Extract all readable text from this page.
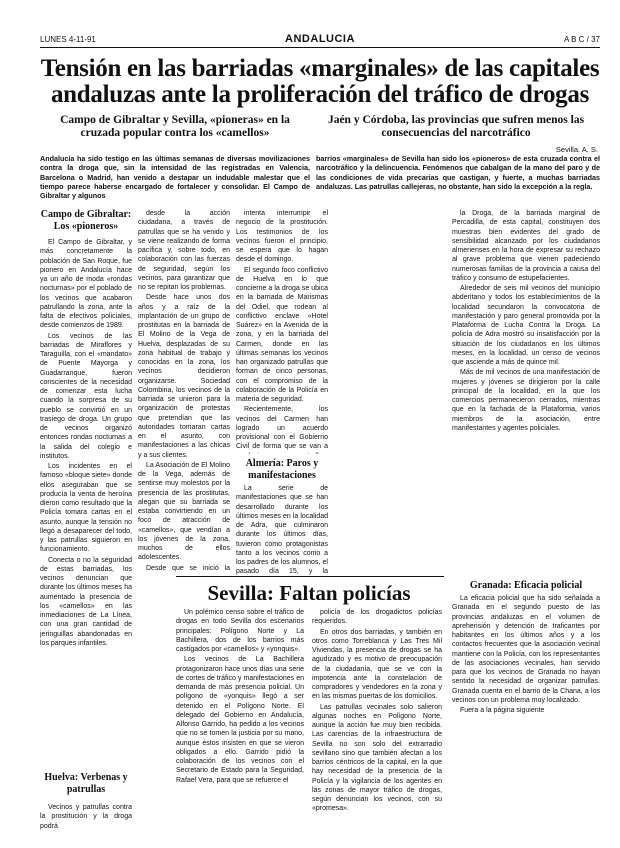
LUNES 4-11-91	ANDALUCIA	A B C / 37
Tensión en las barriadas «marginales» de las capitales andaluzas ante la proliferación del tráfico de drogas
Campo de Gibraltar y Sevilla, «pioneras» en la cruzada popular contra los «camellos»
Jaén y Córdoba, las provincias que sufren menos las consecuencias del narcotráfico
Sevilla. A. S.
Andalucía ha sido testigo en las últimas semanas de diversas movilizaciones contra la droga que, sin la intensidad de las registradas en Valencia, Barcelona o Madrid, han venido a destapar un indudable malestar que el tiempo parece haberse encargado de fortalecer y consolidar. El Campo de Gibraltar y algunos
barrios «marginales» de Sevilla han sido los «pioneros» de esta cruzada contra el narcotráfico y la delincuencia. Fenómenos que cabalgan de la mano del paro y de las condiciones de vida precarias que castigan, y fuerte, a muchas barriadas andaluzas. Las patrullas callejeras, no obstante, han sido la excepción a la regla.
Campo de Gibraltar: Los «pioneros»

El Campo de Gibraltar, y más concretamente la población de San Roque, fue pionero en Andalucía hace ya un año de moda «rondas nocturnas» por el poblado de los vecinos que acabaron patrullando la zona, ante la falta de efectivos policiales, desde comienzos de 1989.

Los vecinos de las barriadas de Miraflores y Taraguilla, con el «mandato» de Puente Mayorga y Guadarranque, fueron conscientes de la necesidad de comenzar esta lucha cuando la sorpresa de su pueblo se convirtió en un trasiego de droga. Un grupo de vecinos organizó entonces rondas nocturnas a la salida del colegio e institutos.

Los incidentes en el famoso «bloque siete» donde ellos aseguraban que se producía la venta de heroína dieron como resultado que la Policía tomara cartas en el asunto, aunque la tensión no llegó a desaparecer del todo, y las patrullas siguieron en funcionamiento.

Conecta o no la seguridad de estas barriadas, los vecinos denuncian que durante los últimos meses ha aumentado la presencia de los «camellos» en las inmediaciones de La Línea, con una gran cantidad de jeringuillas abandonadas en los parques infantiles.

Huelva: Verbenas y patrullas

Vecinos y patrullas contra la prostitución y la droga podrá

desde la acción ciudadana, a través de patrullas que se ha venido y se viene realizando de forma pacífica y, sobre todo, en colaboración con las fuerzas de seguridad, según los vecinos, para garantizar que no se repitan los problemas.

Desde hace unos dos años y a raíz de la implantación de un grupo de prostitutas en la barriada de El Molino de la Vega de Huelva, desplazadas de su zona habitual de trabajo y conocidas en la zona, los vecinos decidieron organizarse. Sociedad Colombina, los vecinos de la barriada se unieron para la organización de protestas que pretendían que las autoridades tomaran cartas en el asunto, con manifestaciones a las chicas y a sus clientes.

La Asociación de El Molino de la Vega, además de sentirse muy molestos por la presencia de las prostitutas, alegan que su barriada se estaba convirtiendo en un foco de atracción de «camellos», que vendían a los jóvenes de la zona, muchos de ellos adolescentes.

Desde que se inició la

intenta interrumpir el negocio de la prostitución. Los testimonios de los vecinos fueron el principio, se espera que lo hagan desde el domingo.

El segundo foco conflictivo de Huelva en lo que concierne a la droga se ubica en la barriada de Marismas del Odiel, que rodean al conflictivo enclave «Hotel Suárez» en la Avenida de la zona, y en la barriada del Carmen, donde en las últimas semanas los vecinos han organizado patrullas que forman de cinco personas, con el compromiso de la colaboración de la Policía en materia de seguridad.

Recientemente, los vecinos del Carmen han logrado un acuerdo provisional con el Gobierno Civil de forma que se van a

Almería: Paros y manifestaciones

La serie de manifestaciones que se han desarrollado durante los últimos meses en la localidad de Adra, que culminaron durante los últimos días, tuvieron como protagonistas tanto a los vecinos como a los padres de los alumnos, el pasado día 15, y la

la Droga, de la barriada marginal de Percadilla, de esta capital, constituyen dos muestras bien evidentes del grado de sensibilidad alcanzado por los ciudadanos almerienses en la hora de expresar su rechazo al grave problema que vienen padeciendo numerosas familias de la provincia a causa del tráfico y consumo de estupefacientes.

Alrededor de seis mil vecinos del municipio abderitano y todos los establecimientos de la localidad secundaron la convocatoria de manifestación y paro general promovida por la Plataforma de Lucha Contra la Droga. La policía de Adra mostró su insatisfacción por la situación de los ciudadanos en los últimos meses, en la localidad, un censo de vecinos que asciende a más de quince mil.

Más de mil vecinos de una manifestación de mujeres y jóvenes se dirigieron por la calle principal de la localidad, en la que los comercios permanecieron cerrados, mientras que en la fachada de la Plataforma, varios miembros de la asociación, entre manifestantes y agentes policiales.

Granada: Eficacia policial

La eficacia policial que ha sido señalada a Granada en el segundo puesto de las provincias andaluzas en el volumen de aprehensión y detención de traficantes por habitantes en los últimos años y a los contactos frecuentes que la asociación vecinal mantiene con la Policía, con los representantes de las asociaciones vecinales, han servido para que los vecinos de Granada no hayan sentido la necesidad de organizar patrullas. Granada cuenta en el barrio de la Chana, a los vecinos con un problema muy localizado.

Fuera a la página siguiente

Sevilla: Faltan policías

Un polémico censo sobre el tráfico de drogas en todo Sevilla dos escenarios principales: Polígono Norte y La Bachillera, dos de los barrios más castigados por «camellos» y «yonquis».

Los vecinos de La Bachillera protagonizaron hace unos días una serie de cortes de tráfico y manifestaciones en demanda de más presencia policial. Un polígono de «yonquis» llegó a ser detenido en el Polígono Norte. El delegado del Gobierno en Andalucía, Alfonso Garrido, ha pedido a los vecinos que no se tomen la justicia por su mano, aunque éstos insisten en que se vieron obligados a ello. Garrido pidió la colaboración de los vecinos con el Secretario de Estado para la Seguridad, Rafael Vera, para que se refuerce el

policía de los drogadictos policías requeridos.

En otros dos barriadas, y también en otros como Torreblanca y Las Tres Mil Viviendas, la presencia de drogas se ha agudizado y es motivo de preocupación de la ciudadanía, que se ve con la impotencia ante la constelación de compradores y vendedores en la zona y en las mismas puertas de los domicilios.

Las patrullas vecinales solo salieron algunas noches en Polígono Norte, aunque la acción fue muy bien recibida. Las carencias de la infraestructura de Sevilla no son solo del extrarradio sevillano sino que también afectan a los barrios céntricos de la capital, en la que hay necesidad de la presencia de la Policía y la vigilancia de los agentes en las zonas de mayor tráfico de drogas, según denuncian los vecinos, con su «promesa».
